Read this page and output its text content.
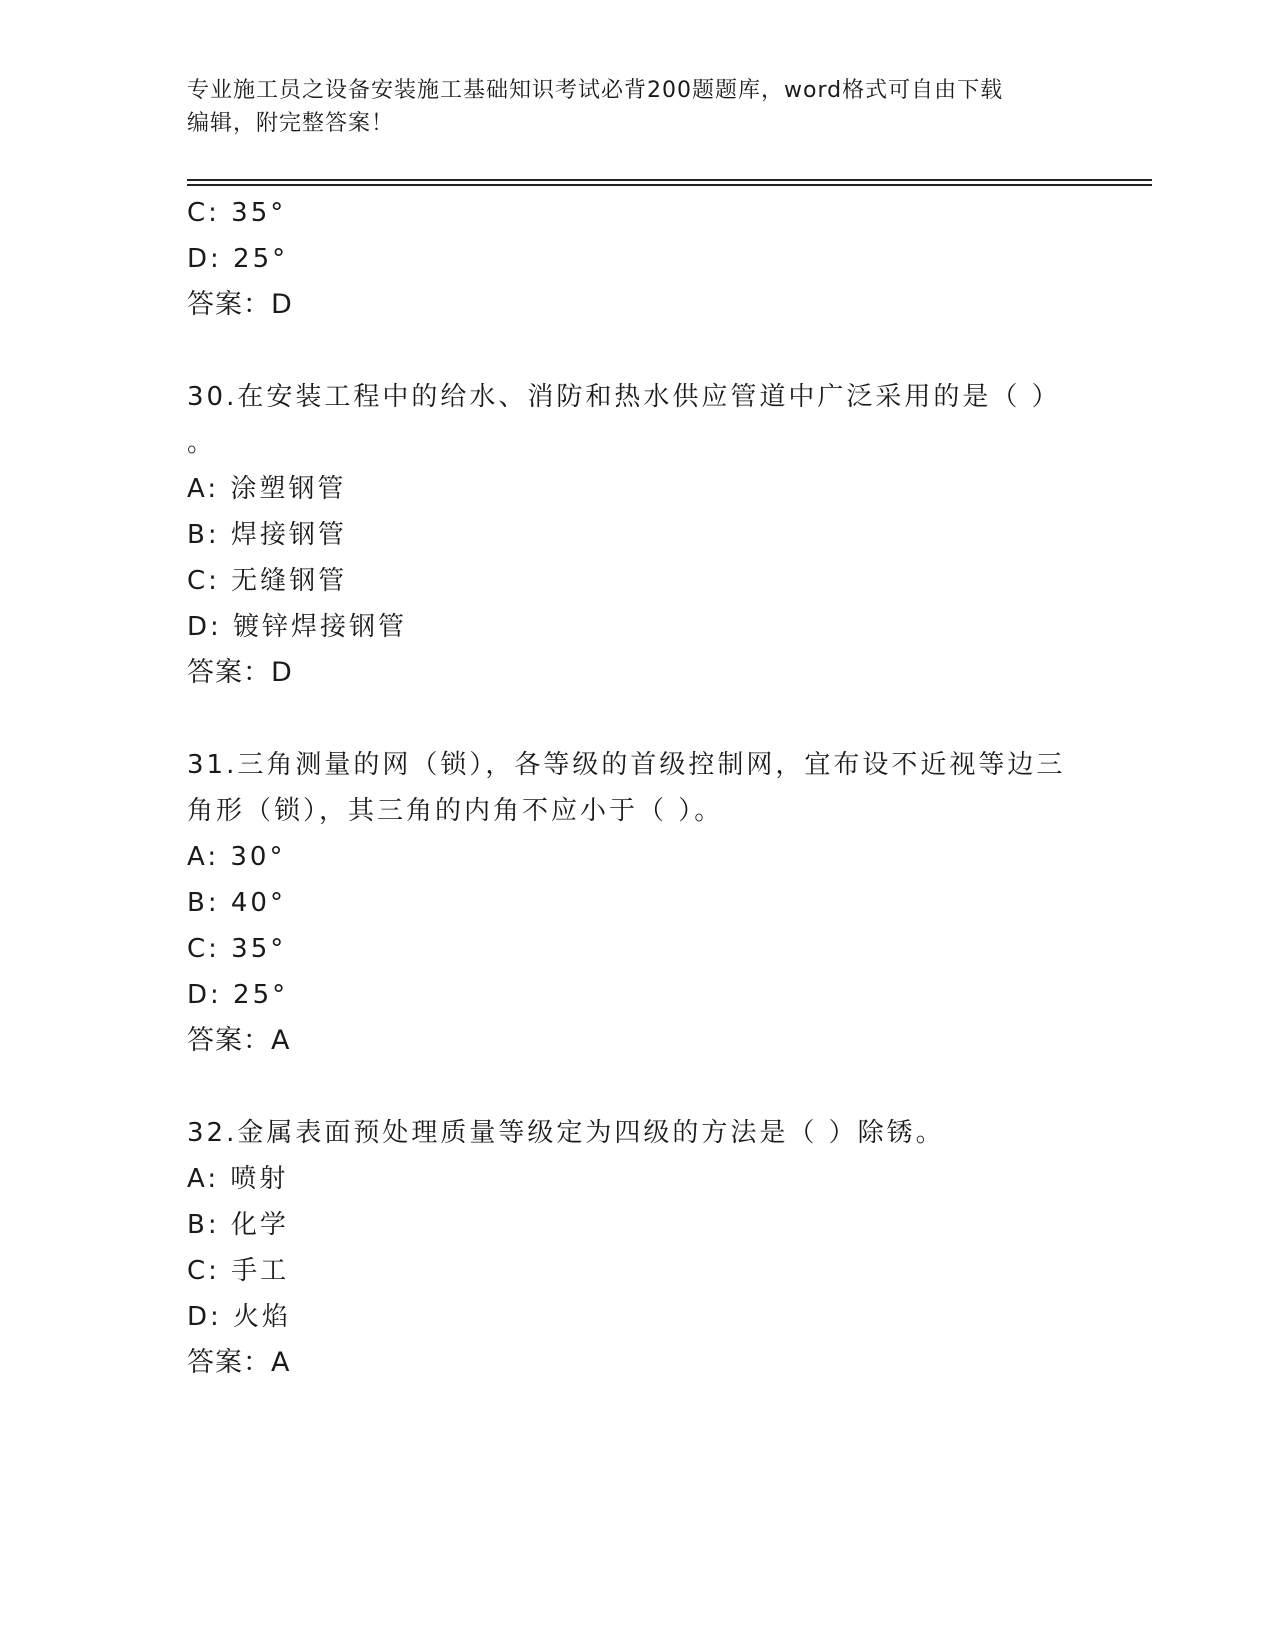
专业施工员之设备安装施工基础知识考试必背200题题库，word格式可自由下载
编辑，附完整答案！
C: 35°
D: 25°
答案：D
30.在安装工程中的给水、消防和热水供应管道中广泛采用的是（ ）
。
A: 涂塑钢管
B: 焊接钢管
C: 无缝钢管
D: 镀锌焊接钢管
答案：D
31.三角测量的网（锁），各等级的首级控制网，宜布设不近视等边三
角形（锁），其三角的内角不应小于（ ）。
A: 30°
B: 40°
C: 35°
D: 25°
答案：A
32.金属表面预处理质量等级定为四级的方法是（ ）除锈。
A: 喷射
B: 化学
C: 手工
D: 火焰
答案：A
